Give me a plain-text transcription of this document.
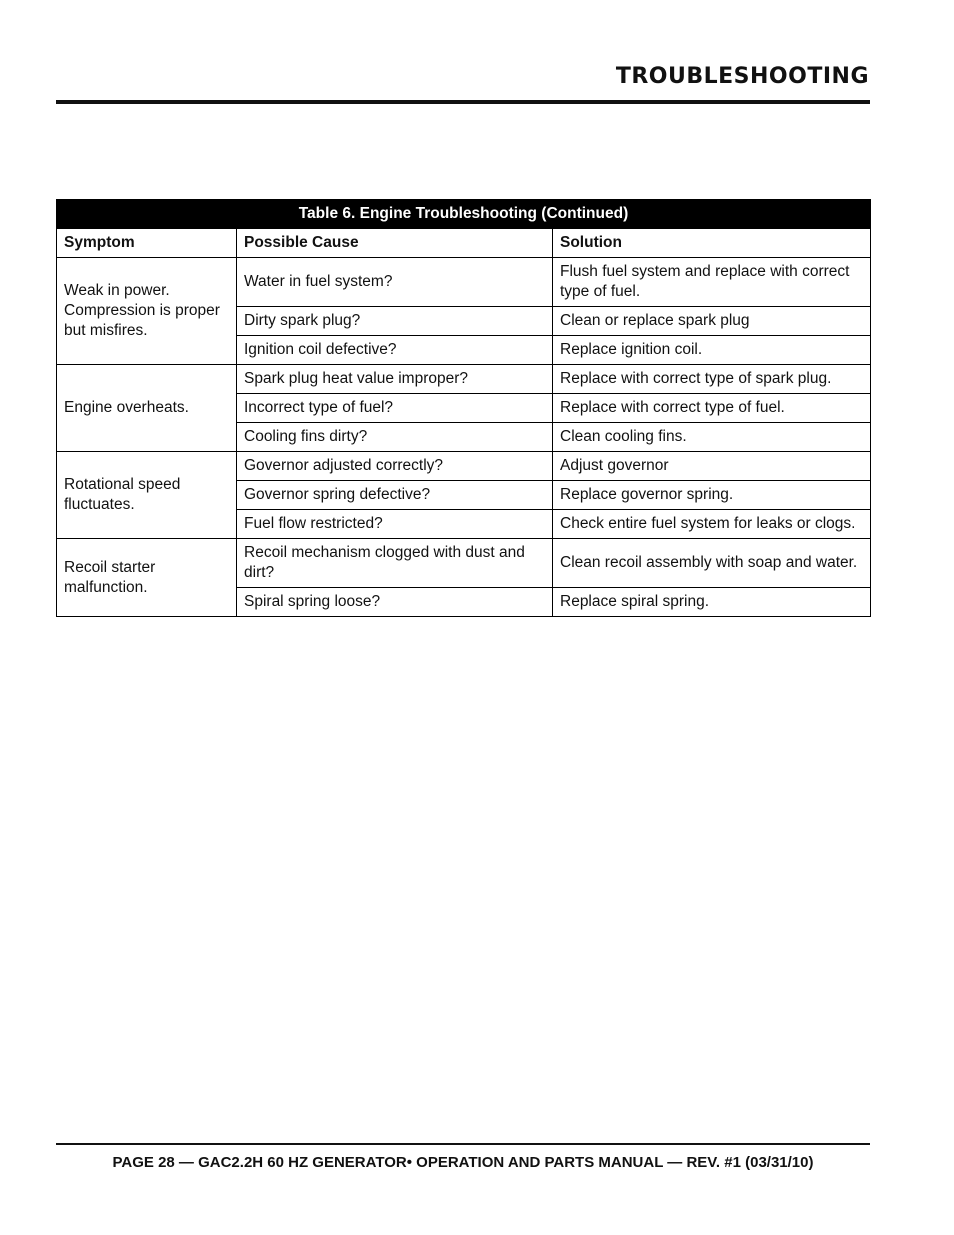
TROUBLESHOOTING
Table 6. Engine Troubleshooting (Continued)		
Symptom	Possible Cause	Solution
Weak in power. Compression is proper but misfires.	Water in fuel system?	Flush fuel system and replace with correct type of fuel.
	Dirty spark plug?	Clean or replace spark plug
	Ignition coil defective?	Replace ignition coil.
Engine overheats.	Spark plug heat value improper?	Replace with correct type of spark plug.
	Incorrect type of fuel?	Replace with correct type of fuel.
	Cooling fins dirty?	Clean cooling fins.
Rotational speed fluctuates.	Governor adjusted correctly?	Adjust governor
	Governor spring defective?	Replace governor spring.
	Fuel flow restricted?	Check entire fuel system for leaks or clogs.
Recoil starter malfunction.	Recoil mechanism clogged with dust and dirt?	Clean recoil assembly with soap and water.
	Spiral spring loose?	Replace spiral spring.
PAGE 28 — GAC2.2H 60 HZ GENERATOR• OPERATION AND PARTS MANUAL — REV. #1 (03/31/10)
